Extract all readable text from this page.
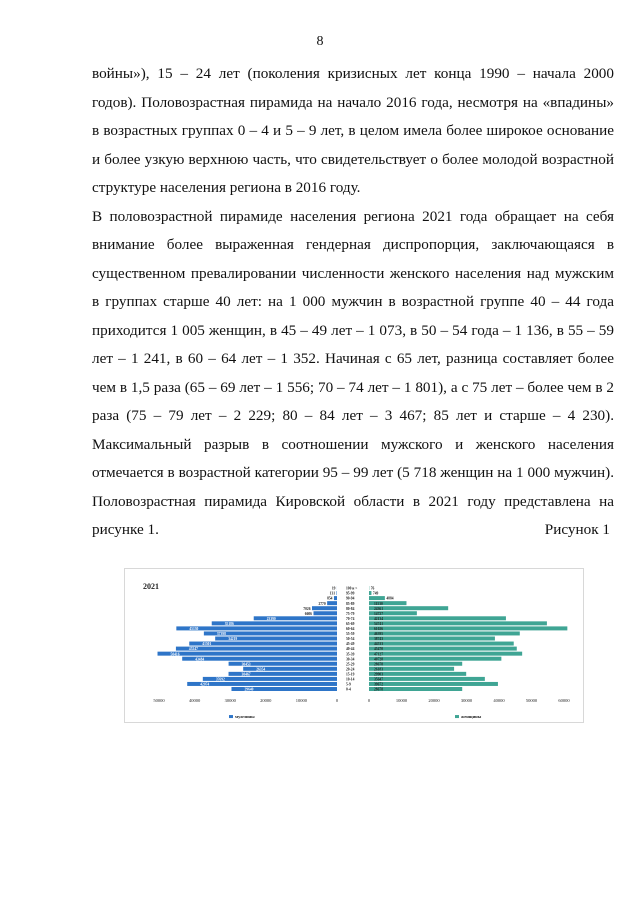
8

войны»), 15 – 24 лет (поколения кризисных лет конца 1990 – начала 2000 годов). Половозрастная пирамида на начало 2016 года, несмотря на «впадины» в возрастных группах 0 – 4 и 5 – 9 лет, в целом имела более широкое основание и более узкую верхнюю часть, что свидетельствует о более молодой возрастной структуре населения региона в 2016 году.

В половозрастной пирамиде населения региона 2021 года обращает на себя внимание более выраженная гендерная диспропорция, заключающаяся в существенном превалировании численности женского населения над мужским в группах старше 40 лет: на 1 000 мужчин в возрастной группе 40 – 44 года приходится 1 005 женщин, в 45 – 49 лет – 1 073, в 50 – 54 года – 1 136, в 55 – 59 лет – 1 241, в 60 – 64 лет – 1 352. Начиная с 65 лет, разница составляет более чем в 1,5 раза (65 – 69 лет – 1 556; 70 – 74 лет – 1 801), а с 75 лет – более чем в 2 раза (75 – 79 лет – 2 229; 80 – 84 лет – 3 467; 85 лет и старше – 4 230). Максимальный разрыв в соотношении мужского и женского населения отмечается в возрастной категории 95 – 99 лет (5 718 женщин на 1 000 мужчин). Половозрастная пирамида Кировской области в 2021 году представлена на рисунке 1.	Рисунок 1
2021	100 и >
19	76
95-99
131	749
90-94
854	4884
85-89
2770	11530
80-84
7026	24361
75-79
6606	14727
70-74
23390	42134
65-69
35186	54741
60-64
45130	61026
55-59
37398	46395
50-54
34219	38743
45-49
41501	44533
40-44
45247	45470
35-39
50416	47127
30-34
43484	40728
25-29
30453	28678
20-24
26354	26183
15-19
30467	29903
10-14
37692	35647
5-9
42074	39672
0-4
29640	28678
50000	40000	30000	20000	10000	0	0	10000	20000	30000	40000	50000	60000
мужчины	женщины
